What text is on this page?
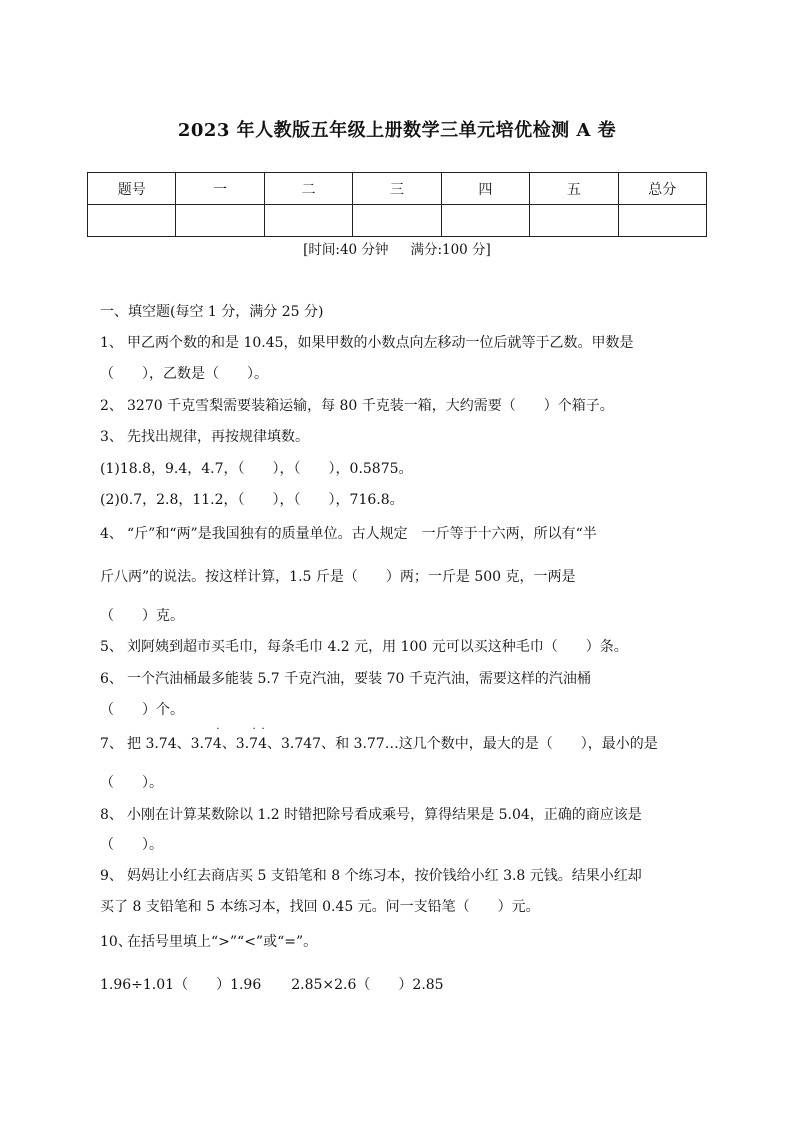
2023 年人教版五年级上册数学三单元培优检测 A 卷
题号	一	二	三	四	五	总分

[时间:40 分钟 满分:100 分]
一、填空题(每空 1 分，满分 25 分)
1、 甲乙两个数的和是 10.45，如果甲数的小数点向左移动一位后就等于乙数。甲数是
（　　），乙数是（　　）。
2、 3270 千克雪梨需要装箱运输，每 80 千克装一箱，大约需要（　　）个箱子。
3、 先找出规律，再按规律填数。
(1)18.8，9.4，4.7，（　　），（　　），0.5875。
(2)0.7，2.8，11.2，（　　），（　　），716.8。
4、 “斤”和“两”是我国独有的质量单位。古人规定　一斤等于十六两，所以有“半
斤八两”的说法。按这样计算，1.5 斤是（　　）两；一斤是 500 克，一两是
（　　）克。
5、 刘阿姨到超市买毛巾，每条毛巾 4.2 元，用 100 元可以买这种毛巾（　　）条。
6、 一个汽油桶最多能装 5.7 千克汽油，要装 70 千克汽油，需要这样的汽油桶
（　　）个。
7、 把 3.74、3.74 ˙、3.7 ˙4 ˙、3.747、和 3.77…这几个数中，最大的是（　　），最小的是
（　　）。
8、 小刚在计算某数除以 1.2 时错把除号看成乘号，算得结果是 5.04，正确的商应该是
（　　）。
9、 妈妈让小红去商店买 5 支铅笔和 8 个练习本，按价钱给小红 3.8 元钱。结果小红却
买了 8 支铅笔和 5 本练习本，找回 0.45 元。问一支铅笔（　　）元。
10、在括号里填上“>”“<”或“=”。
1.96÷1.01（　　）1.96 2.85×2.6（　　）2.85
